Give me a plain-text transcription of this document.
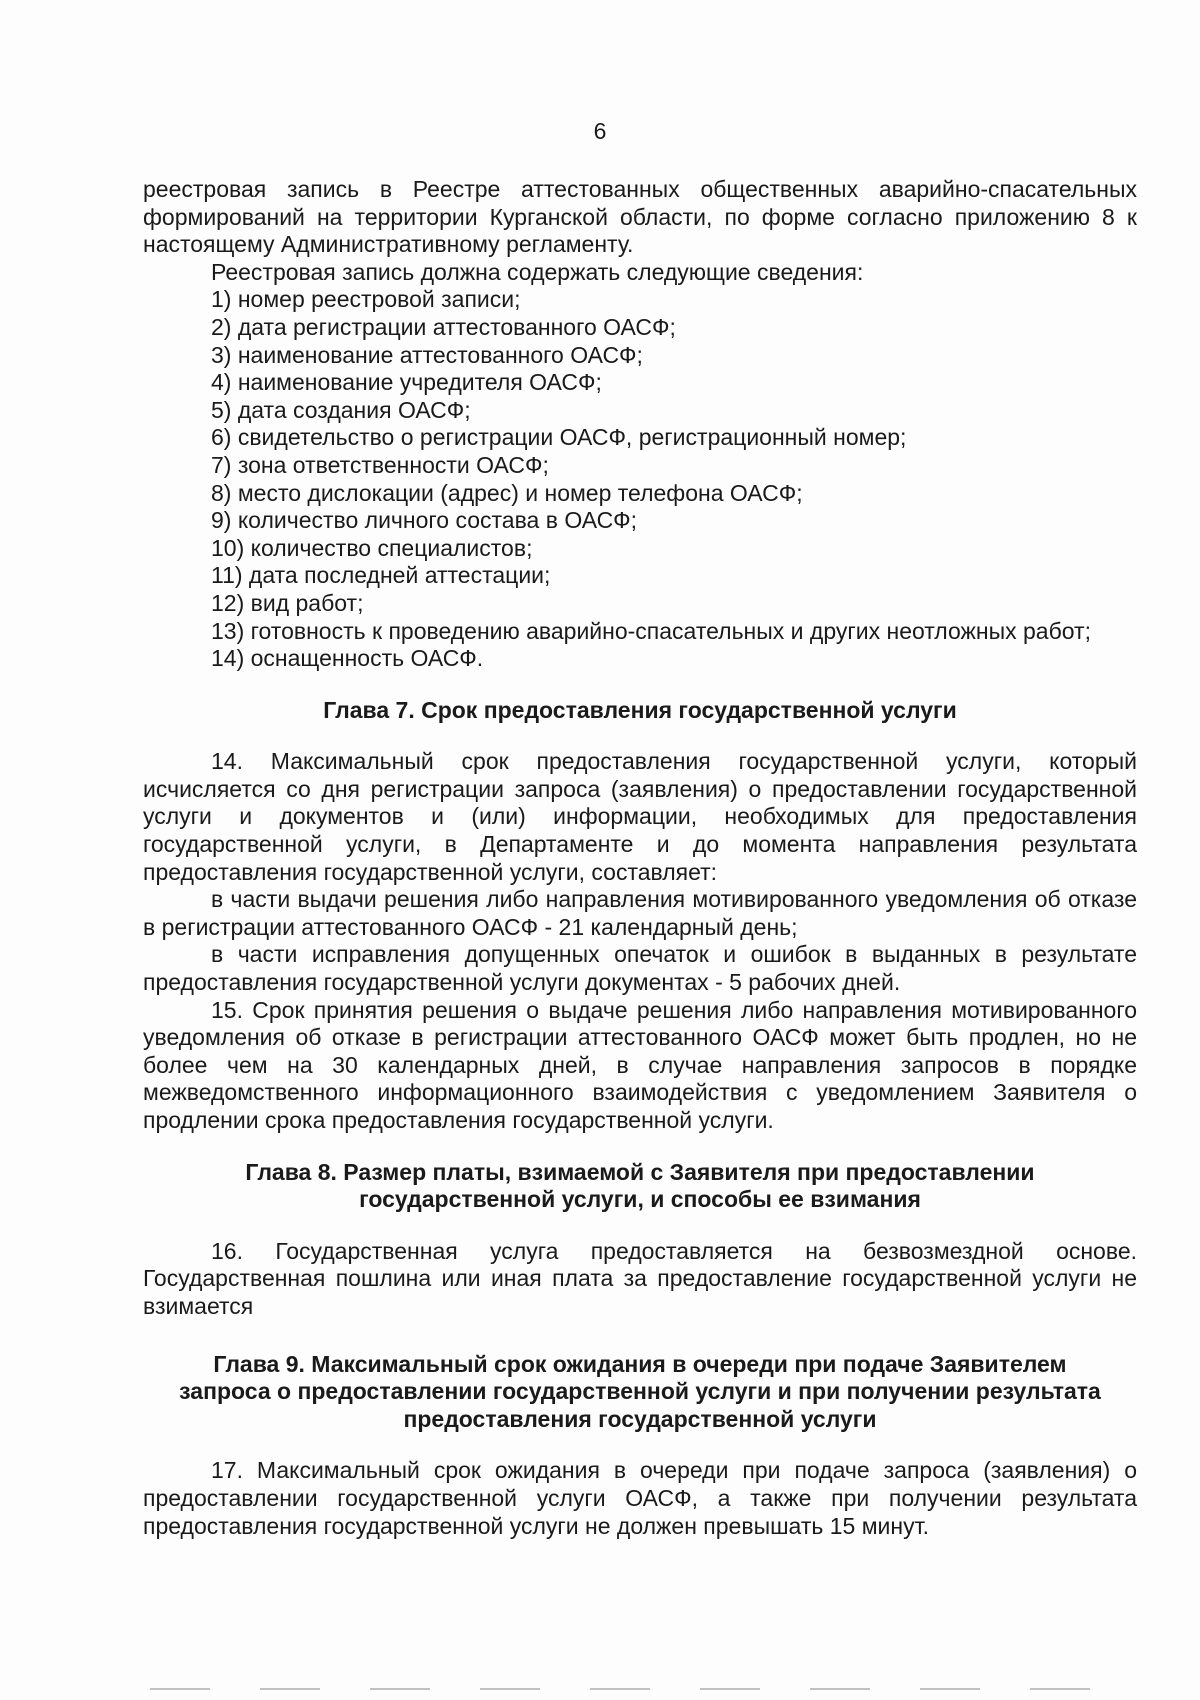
6

реестровая запись в Реестре аттестованных общественных аварийно-спасательных формирований на территории Курганской области, по форме согласно приложению 8 к настоящему Административному регламенту.

Реестровая запись должна содержать следующие сведения:

1) номер реестровой записи;
2) дата регистрации аттестованного ОАСФ;
3) наименование аттестованного ОАСФ;
4) наименование учредителя ОАСФ;
5) дата создания ОАСФ;
6) свидетельство о регистрации ОАСФ, регистрационный номер;
7) зона ответственности ОАСФ;
8) место дислокации (адрес) и номер телефона ОАСФ;
9) количество личного состава в ОАСФ;
10) количество специалистов;
11) дата последней аттестации;
12) вид работ;
13) готовность к проведению аварийно-спасательных и других неотложных работ;
14) оснащенность ОАСФ.
Глава 7. Срок предоставления государственной услуги

14. Максимальный срок предоставления государственной услуги, который исчисляется со дня регистрации запроса (заявления) о предоставлении государственной услуги и документов и (или) информации, необходимых для предоставления государственной услуги, в Департаменте и до момента направления результата предоставления государственной услуги, составляет:

в части выдачи решения либо направления мотивированного уведомления об отказе в регистрации аттестованного ОАСФ - 21 календарный день;

в части исправления допущенных опечаток и ошибок в выданных в результате предоставления государственной услуги документах - 5 рабочих дней.

15. Срок принятия решения о выдаче решения либо направления мотивированного уведомления об отказе в регистрации аттестованного ОАСФ может быть продлен, но не более чем на 30 календарных дней, в случае направления запросов в порядке межведомственного информационного взаимодействия с уведомлением Заявителя о продлении срока предоставления государственной услуги.

Глава 8. Размер платы, взимаемой с Заявителя при предоставлении
государственной услуги, и способы ее взимания

16. Государственная услуга предоставляется на безвозмездной основе. Государственная пошлина или иная плата за предоставление государственной услуги не взимается

Глава 9. Максимальный срок ожидания в очереди при подаче Заявителем
запроса о предоставлении государственной услуги и при получении результата
предоставления государственной услуги

17. Максимальный срок ожидания в очереди при подаче запроса (заявления) о предоставлении государственной услуги ОАСФ, а также при получении результата предоставления государственной услуги не должен превышать 15 минут.
